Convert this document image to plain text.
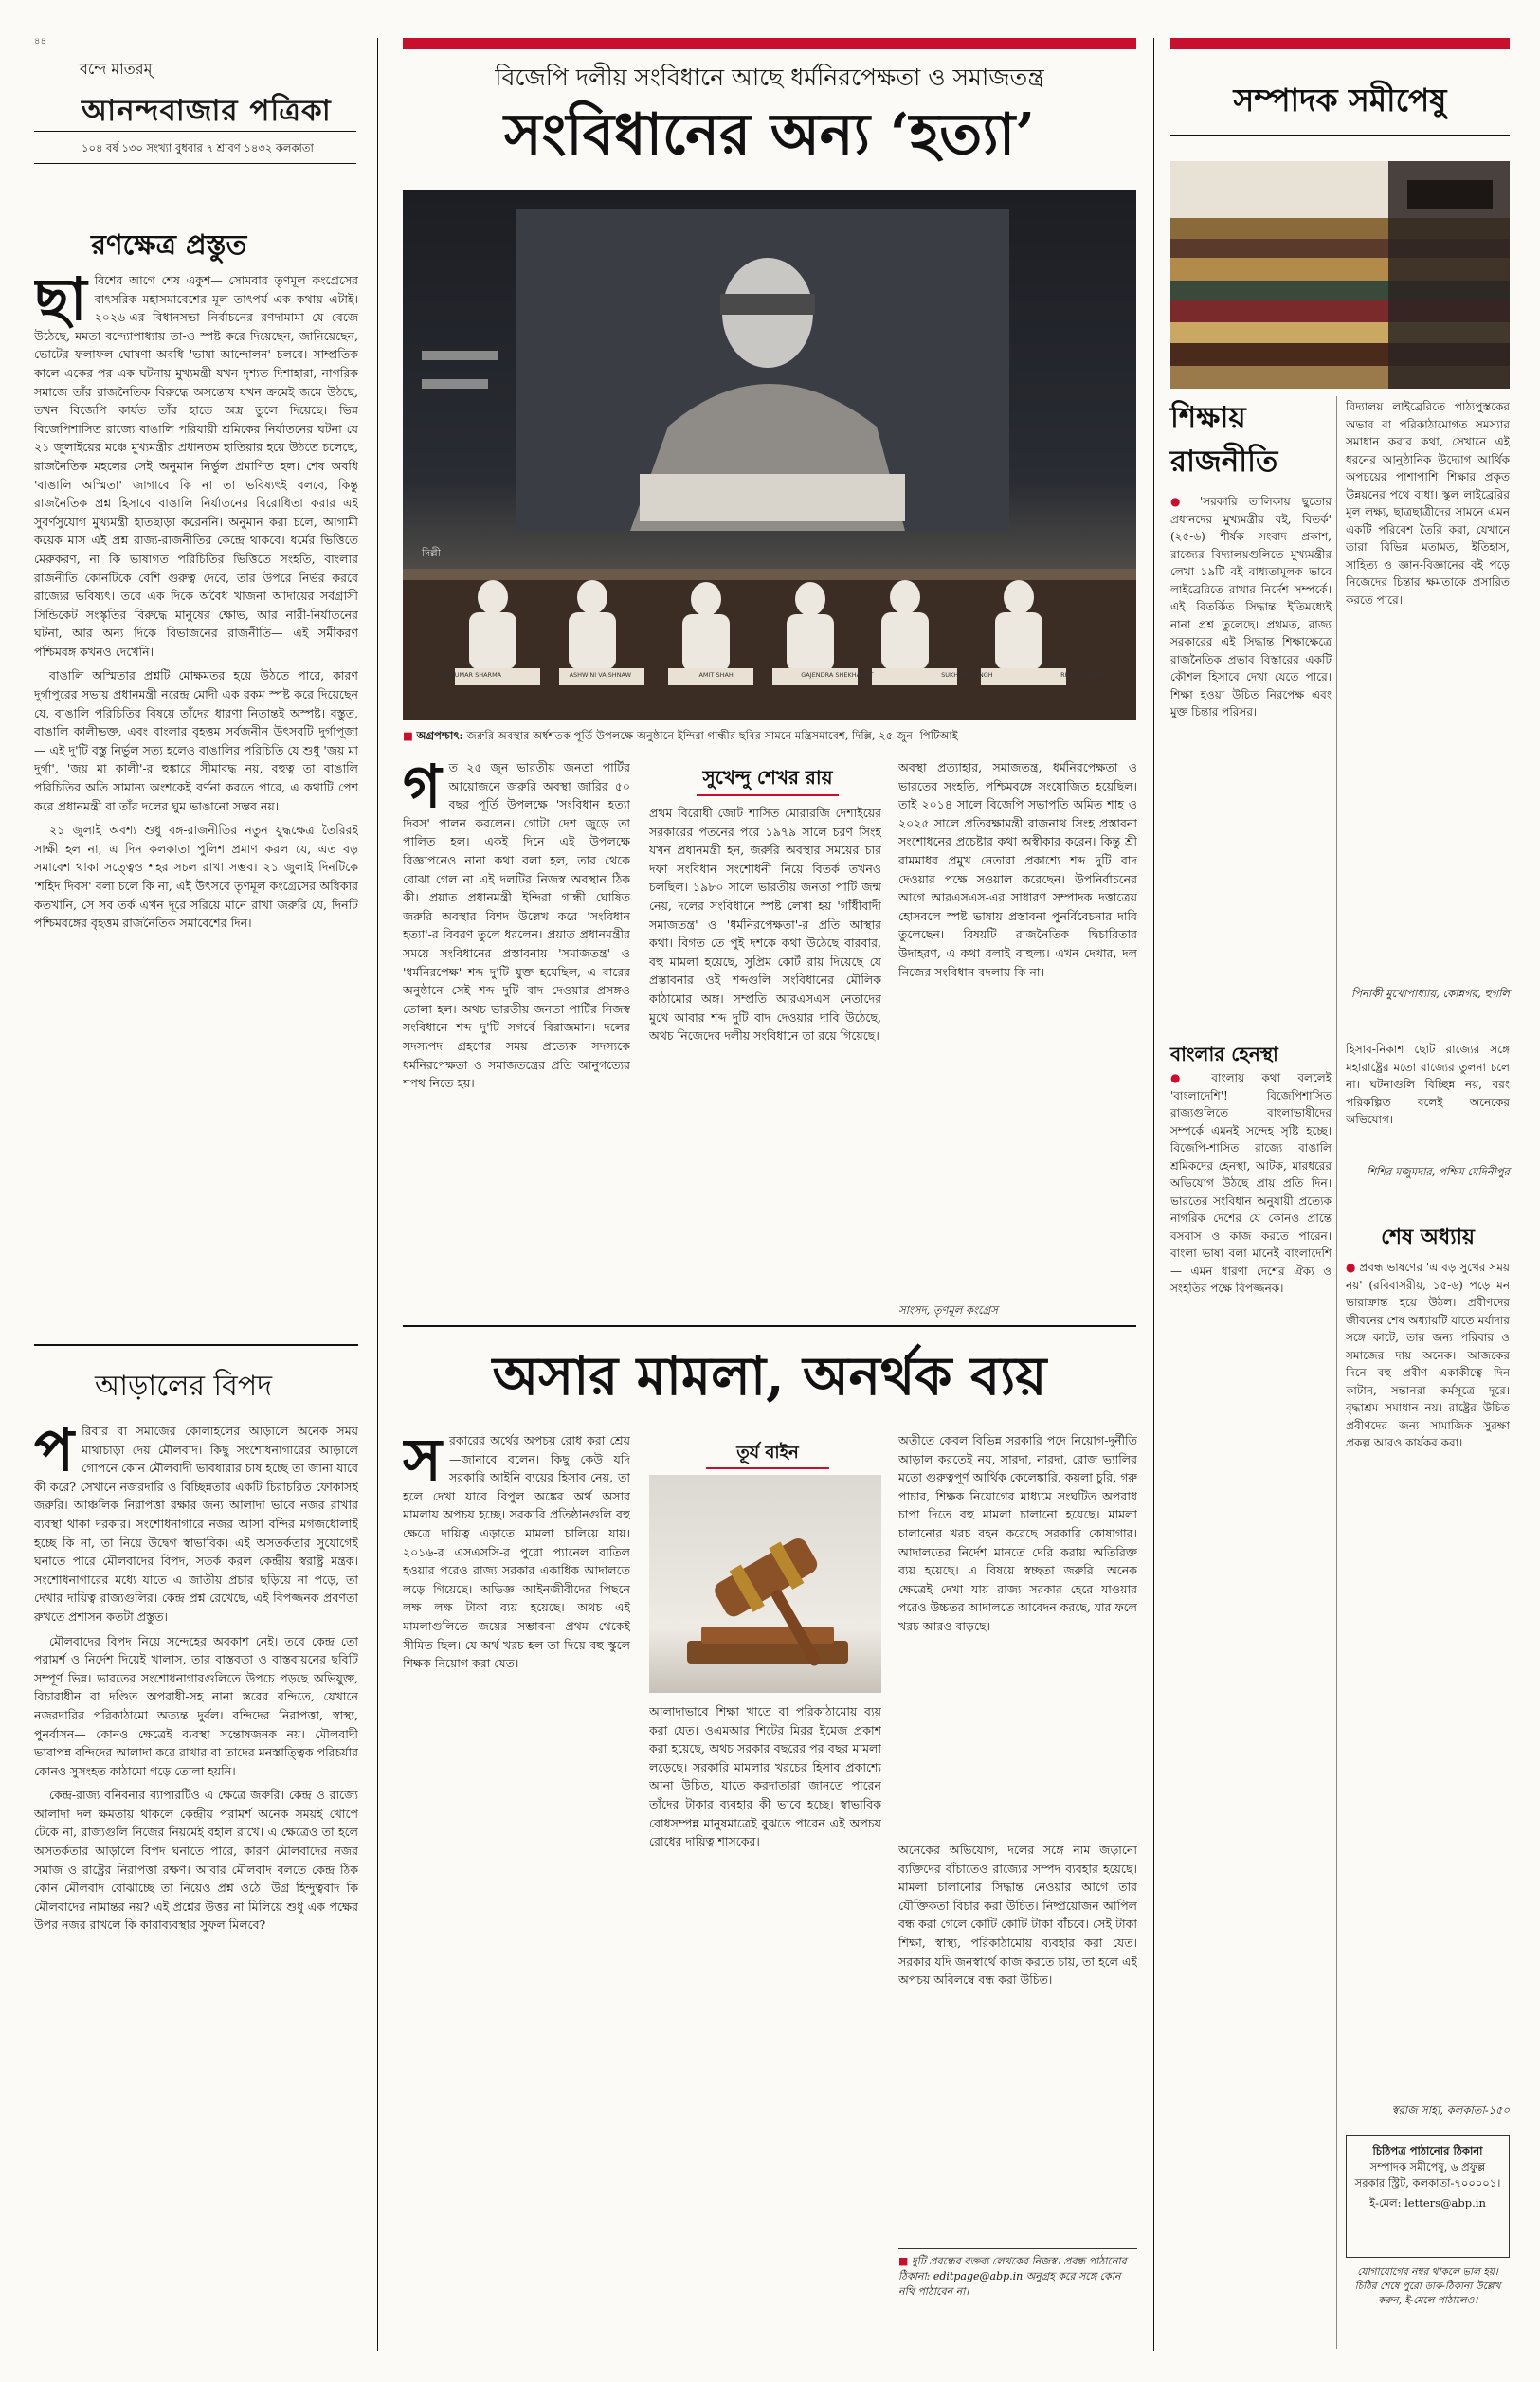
৪৪
বন্দে মাতরম্‌
আনন্দবাজার পত্রিকা
১০৪ বর্ষ ১৩০ সংখ্যা বুধবার ৭ শ্রাবণ ১৪৩২ কলকাতা
রণক্ষেত্র প্রস্তুত
ছা বিশের আগে শেষ একুশ— সোমবার তৃণমূল কংগ্রেসের বাৎসরিক মহাসমাবেশের মূল তাৎপর্য এক কথায় এটাই। ২০২৬-এর বিধানসভা নির্বাচনের রণদামামা যে বেজে উঠেছে, মমতা বন্দ্যোপাধ্যায় তা-ও স্পষ্ট করে দিয়েছেন, জানিয়েছেন, ভোটের ফলাফল ঘোষণা অবধি 'ভাষা আন্দোলন' চলবে। সাম্প্রতিক কালে একের পর এক ঘটনায় মুখ্যমন্ত্রী যখন দৃশ্যত দিশাহারা, নাগরিক সমাজে তাঁর রাজনৈতিক বিরুদ্ধে অসন্তোষ যখন ক্রমেই জমে উঠছে, তখন বিজেপি কার্যত তাঁর হাতে অস্ত্র তুলে দিয়েছে। ভিন্ন বিজেপিশাসিত রাজ্যে বাঙালি পরিযায়ী শ্রমিকের নির্যাতনের ঘটনা যে ২১ জুলাইয়ের মঞ্চে মুখ্যমন্ত্রীর প্রধানতম হাতিয়ার হয়ে উঠতে চলেছে, রাজনৈতিক মহলের সেই অনুমান নির্ভুল প্রমাণিত হল। শেষ অবধি 'বাঙালি অস্মিতা' জাগাবে কি না তা ভবিষ্যৎই বলবে, কিন্তু রাজনৈতিক প্রশ্ন হিসাবে বাঙালি নির্যাতনের বিরোধিতা করার এই সুবর্ণসুযোগ মুখ্যমন্ত্রী হাতছাড়া করেননি। অনুমান করা চলে, আগামী কয়েক মাস এই প্রশ্ন রাজ্য-রাজনীতির কেন্দ্রে থাকবে। ধর্মের ভিত্তিতে মেরুকরণ, না কি ভাষাগত পরিচিতির ভিত্তিতে সংহতি, বাংলার রাজনীতি কোনটিকে বেশি গুরুত্ব দেবে, তার উপরে নির্ভর করবে রাজ্যের ভবিষ্যৎ। তবে এক দিকে অবৈধ খাজনা আদায়ের সর্বগ্রাসী সিন্ডিকেট সংস্কৃতির বিরুদ্ধে মানুষের ক্ষোভ, আর নারী-নির্যাতনের ঘটনা, আর অন্য দিকে বিভাজনের রাজনীতি— এই সমীকরণ পশ্চিমবঙ্গ কখনও দেখেনি।

বাঙালি অস্মিতার প্রশ্নটি মোক্ষমতর হয়ে উঠতে পারে, কারণ দুর্গাপুরের সভায় প্রধানমন্ত্রী নরেন্দ্র মোদী এক রকম স্পষ্ট করে দিয়েছেন যে, বাঙালি পরিচিতির বিষয়ে তাঁদের ধারণা নিতান্তই অস্পষ্ট। বস্তুত, বাঙালি কালীভক্ত, এবং বাংলার বৃহত্তম সর্বজনীন উৎসবটি দুর্গাপূজা— এই দু'টি বস্তু নির্ভুল সত্য হলেও বাঙালির পরিচিতি যে শুধু 'জয় মা দুর্গা', 'জয় মা কালী'-র হুঙ্কারে সীমাবদ্ধ নয়, বহুত্ব তা বাঙালি পরিচিতির অতি সামান্য অংশকেই বর্ণনা করতে পারে, এ কথাটি পেশ করে প্রধানমন্ত্রী বা তাঁর দলের ঘুম ভাঙানো সম্ভব নয়।

২১ জুলাই অবশ্য শুধু বঙ্গ-রাজনীতির নতুন যুদ্ধক্ষেত্র তৈরিরই সাক্ষী হল না, এ দিন কলকাতা পুলিশ প্রমাণ করল যে, এত বড় সমাবেশ থাকা সত্ত্বেও শহর সচল রাখা সম্ভব। ২১ জুলাই দিনটিকে 'শহিদ দিবস' বলা চলে কি না, এই উৎসবে তৃণমূল কংগ্রেসের অধিকার কতখানি, সে সব তর্ক এখন দূরে সরিয়ে মানে রাখা জরুরি যে, দিনটি পশ্চিমবঙ্গের বৃহত্তম রাজনৈতিক সমাবেশের দিন।

আড়ালের বিপদ
প রিবার বা সমাজের কোলাহলের আড়ালে অনেক সময় মাথাচাড়া দেয় মৌলবাদ। কিছু সংশোধনাগারের আড়ালে গোপনে কোন মৌলবাদী ভাবধারার চাষ হচ্ছে তা জানা যাবে কী করে? সেখানে নজরদারি ও বিচ্ছিন্নতার একটি চিরাচরিত ফোকাসই জরুরি। আঞ্চলিক নিরাপত্তা রক্ষার জন্য আলাদা ভাবে নজর রাখার ব্যবস্থা থাকা দরকার। সংশোধনাগারে নজর আসা বন্দির মগজধোলাই হচ্ছে কি না, তা নিয়ে উদ্বেগ স্বাভাবিক। এই অসতর্কতার সুযোগেই ঘনাতে পারে মৌলবাদের বিপদ, সতর্ক করল কেন্দ্রীয় স্বরাষ্ট্র মন্ত্রক। সংশোধনাগারের মধ্যে যাতে এ জাতীয় প্রচার ছড়িয়ে না পড়ে, তা দেখার দায়িত্ব রাজ্যগুলির। কেন্দ্র প্রশ্ন রেখেছে, এই বিপজ্জনক প্রবণতা রুখতে প্রশাসন কতটা প্রস্তুত।

মৌলবাদের বিপদ নিয়ে সন্দেহের অবকাশ নেই। তবে কেন্দ্র তো পরামর্শ ও নির্দেশ দিয়েই খালাস, তার বাস্তবতা ও বাস্তবায়নের ছবিটি সম্পূর্ণ ভিন্ন। ভারতের সংশোধনাগারগুলিতে উপচে পড়ছে অভিযুক্ত, বিচারাধীন বা দণ্ডিত অপরাধী-সহ নানা স্তরের বন্দিতে, যেখানে নজরদারির পরিকাঠামো অত্যন্ত দুর্বল। বন্দিদের নিরাপত্তা, স্বাস্থ্য, পুনর্বাসন— কোনও ক্ষেত্রেই ব্যবস্থা সন্তোষজনক নয়। মৌলবাদী ভাবাপন্ন বন্দিদের আলাদা করে রাখার বা তাদের মনস্তাত্ত্বিক পরিচর্যার কোনও সুসংহত কাঠামো গড়ে তোলা হয়নি।

কেন্দ্র-রাজ্য বনিবনার ব্যাপারটিও এ ক্ষেত্রে জরুরি। কেন্দ্র ও রাজ্যে আলাদা দল ক্ষমতায় থাকলে কেন্দ্রীয় পরামর্শ অনেক সময়ই খোপে টেকে না, রাজ্যগুলি নিজের নিয়মেই বহাল রাখে। এ ক্ষেত্রেও তা হলে অসতর্কতার আড়ালে বিপদ ঘনাতে পারে, কারণ মৌলবাদের নজর সমাজ ও রাষ্ট্রের নিরাপত্তা রক্ষণ। আবার মৌলবাদ বলতে কেন্দ্র ঠিক কোন মৌলবাদ বোঝাচ্ছে তা নিয়েও প্রশ্ন ওঠে। উগ্র হিন্দুত্ববাদ কি মৌলবাদের নামান্তর নয়? এই প্রশ্নের উত্তর না মিলিয়ে শুধু এক পক্ষের উপর নজর রাখলে কি কারাব্যবস্থার সুফল মিলবে?

বিজেপি দলীয় সংবিধানে আছে ধর্মনিরপেক্ষতা ও সমাজতন্ত্র
সংবিধানের অন্য ‘হত্যা’
দিল্লী
RAJKUMAR SHARMA	ASHWINI VAISHNAW	AMIT SHAH	GAJENDRA SHEKHAWAT	SUKHDEV SINGH	REKHA GUPTA
■ অগ্রপশ্চাৎ: জরুরি অবস্থার অর্ধশতক পূর্তি উপলক্ষে অনুষ্ঠানে ইন্দিরা গান্ধীর ছবির সামনে মন্ত্রিসমাবেশ, দিল্লি, ২৫ জুন। পিটিআই
গ ত ২৫ জুন ভারতীয় জনতা পার্টির আয়োজনে জরুরি অবস্থা জারির ৫০ বছর পূর্তি উপলক্ষে 'সংবিধান হত্যা দিবস' পালন করলেন। গোটা দেশ জুড়ে তা পালিত হল। একই দিনে এই উপলক্ষে বিজ্ঞাপনেও নানা কথা বলা হল, তার থেকে বোঝা গেল না এই দলটির নিজস্ব অবস্থান ঠিক কী। প্রয়াত প্রধানমন্ত্রী ইন্দিরা গান্ধী ঘোষিত জরুরি অবস্থার বিশদ উল্লেখ করে 'সংবিধান হত্যা'-র বিবরণ তুলে ধরলেন। প্রয়াত প্রধানমন্ত্রীর সময়ে সংবিধানের প্রস্তাবনায় 'সমাজতন্ত্র' ও 'ধর্মনিরপেক্ষ' শব্দ দু'টি যুক্ত হয়েছিল, এ বারের অনুষ্ঠানে সেই শব্দ দুটি বাদ দেওয়ার প্রসঙ্গও তোলা হল। অথচ ভারতীয় জনতা পার্টির নিজস্ব সংবিধানে শব্দ দু'টি সগর্বে বিরাজমান। দলের সদস্যপদ গ্রহণের সময় প্রত্যেক সদস্যকে ধর্মনিরপেক্ষতা ও সমাজতন্ত্রের প্রতি আনুগত্যের শপথ নিতে হয়।
সুখেন্দু শেখর রায়
প্রথম বিরোধী জোট শাসিত মোরারজি দেশাইয়ের সরকারের পতনের পরে ১৯৭৯ সালে চরণ সিংহ যখন প্রধানমন্ত্রী হন, জরুরি অবস্থার সময়ের চার দফা সংবিধান সংশোধনী নিয়ে বিতর্ক তখনও চলছিল। ১৯৮০ সালে ভারতীয় জনতা পার্টি জন্ম নেয়, দলের সংবিধানে স্পষ্ট লেখা হয় 'গাঁধীবাদী সমাজতন্ত্র' ও 'ধর্মনিরপেক্ষতা'-র প্রতি আস্থার কথা। বিগত তে পুই দশকে কথা উঠেছে বারবার, বহু মামলা হয়েছে, সুপ্রিম কোর্ট রায় দিয়েছে যে প্রস্তাবনার ওই শব্দগুলি সংবিধানের মৌলিক কাঠামোর অঙ্গ। সম্প্রতি আরএসএস নেতাদের মুখে আবার শব্দ দুটি বাদ দেওয়ার দাবি উঠেছে, অথচ নিজেদের দলীয় সংবিধানে তা রয়ে গিয়েছে।
অবস্থা প্রত্যাহার, সমাজতন্ত্র, ধর্মনিরপেক্ষতা ও ভারতের সংহতি, পশ্চিমবঙ্গে সংযোজিত হয়েছিল। তাই ২০১৪ সালে বিজেপি সভাপতি অমিত শাহ ও ২০২৫ সালে প্রতিরক্ষামন্ত্রী রাজনাথ সিংহ প্রস্তাবনা সংশোধনের প্রচেষ্টার কথা অস্বীকার করেন। কিন্তু শ্রী রামমাধব প্রমুখ নেতারা প্রকাশ্যে শব্দ দুটি বাদ দেওয়ার পক্ষে সওয়াল করেছেন। উপনির্বাচনের আগে আরএসএস-এর সাধারণ সম্পাদক দত্তাত্রেয় হোসবলে স্পষ্ট ভাষায় প্রস্তাবনা পুনর্বিবেচনার দাবি তুলেছেন। বিষয়টি রাজনৈতিক দ্বিচারিতার উদাহরণ, এ কথা বলাই বাহুল্য। এখন দেখার, দল নিজের সংবিধান বদলায় কি না।
সাংসদ, তৃণমূল কংগ্রেস
অসার মামলা, অনর্থক ব্যয়
স রকারের অর্থের অপচয় রোধ করা শ্রেয়—জানাবে বলেন। কিছু কেউ যদি সরকারি আইনি ব্যয়ের হিসাব নেয়, তা হলে দেখা যাবে বিপুল অঙ্কের অর্থ অসার মামলায় অপচয় হচ্ছে। সরকারি প্রতিষ্ঠানগুলি বহু ক্ষেত্রে দায়িত্ব এড়াতে মামলা চালিয়ে যায়। ২০১৬-র এসএসসি-র পুরো প্যানেল বাতিল হওয়ার পরেও রাজ্য সরকার একাধিক আদালতে লড়ে গিয়েছে। অভিজ্ঞ আইনজীবীদের পিছনে লক্ষ লক্ষ টাকা ব্যয় হয়েছে। অথচ এই মামলাগুলিতে জয়ের সম্ভাবনা প্রথম থেকেই সীমিত ছিল। যে অর্থ খরচ হল তা দিয়ে বহু স্কুলে শিক্ষক নিয়োগ করা যেত।
তূর্য বাইন
আলাদাভাবে শিক্ষা খাতে বা পরিকাঠামোয় ব্যয় করা যেত। ওএমআর শিটের মিরর ইমেজ প্রকাশ করা হয়েছে, অথচ সরকার বছরের পর বছর মামলা লড়েছে। সরকারি মামলার খরচের হিসাব প্রকাশ্যে আনা উচিত, যাতে করদাতারা জানতে পারেন তাঁদের টাকার ব্যবহার কী ভাবে হচ্ছে। স্বাভাবিক বোধসম্পন্ন মানুষমাত্রেই বুঝতে পারেন এই অপচয় রোধের দায়িত্ব শাসকের।
অতীতে কেবল বিভিন্ন সরকারি পদে নিয়োগ-দুর্নীতি আড়াল করতেই নয়, সারদা, নারদা, রোজ ভ্যালির মতো গুরুত্বপূর্ণ আর্থিক কেলেঙ্কারি, কয়লা চুরি, গরু পাচার, শিক্ষক নিয়োগের মাধ্যমে সংঘটিত অপরাধ চাপা দিতে বহু মামলা চালানো হয়েছে। মামলা চালানোর খরচ বহন করেছে সরকারি কোষাগার। আদালতের নির্দেশ মানতে দেরি করায় অতিরিক্ত ব্যয় হয়েছে। এ বিষয়ে স্বচ্ছতা জরুরি। অনেক ক্ষেত্রেই দেখা যায় রাজ্য সরকার হেরে যাওয়ার পরেও উচ্চতর আদালতে আবেদন করছে, যার ফলে খরচ আরও বাড়ছে।
অনেকের অভিযোগ, দলের সঙ্গে নাম জড়ানো ব্যক্তিদের বাঁচাতেও রাজ্যের সম্পদ ব্যবহার হয়েছে। মামলা চালানোর সিদ্ধান্ত নেওয়ার আগে তার যৌক্তিকতা বিচার করা উচিত। নিষ্প্রয়োজন আপিল বন্ধ করা গেলে কোটি কোটি টাকা বাঁচবে। সেই টাকা শিক্ষা, স্বাস্থ্য, পরিকাঠামোয় ব্যবহার করা যেত। সরকার যদি জনস্বার্থে কাজ করতে চায়, তা হলে এই অপচয় অবিলম্বে বন্ধ করা উচিত।
■ দুটি প্রবন্ধের বক্তব্য লেখকের নিজস্ব। প্রবন্ধ পাঠানোর ঠিকানা: editpage@abp.in অনুগ্রহ করে সঙ্গে কোন নথি পাঠাবেন না।
সম্পাদক সমীপেষু
শিক্ষায় রাজনীতি
● 'সরকারি তালিকায় ছুতোর প্রধানদের মুখ্যমন্ত্রীর বই, বিতর্ক' (২৫-৬) শীর্ষক সংবাদ প্রকাশ, রাজ্যের বিদ্যালয়গুলিতে মুখ্যমন্ত্রীর লেখা ১৯টি বই বাধ্যতামূলক ভাবে লাইব্রেরিতে রাখার নির্দেশ সম্পর্কে। এই বিতর্কিত সিদ্ধান্ত ইতিমধ্যেই নানা প্রশ্ন তুলেছে। প্রথমত, রাজ্য সরকারের এই সিদ্ধান্ত শিক্ষাক্ষেত্রে রাজনৈতিক প্রভাব বিস্তারের একটি কৌশল হিসাবে দেখা যেতে পারে। শিক্ষা হওয়া উচিত নিরপেক্ষ এবং মুক্ত চিন্তার পরিসর।
বিদ্যালয় লাইব্রেরিতে পাঠ্যপুস্তকের অভাব বা পরিকাঠামোগত সমস্যার সমাধান করার কথা, সেখানে এই ধরনের আনুষ্ঠানিক উদ্যোগ আর্থিক অপচয়ের পাশাপাশি শিক্ষার প্রকৃত উন্নয়নের পথে বাধা। স্কুল লাইব্রেরির মূল লক্ষ্য, ছাত্রছাত্রীদের সামনে এমন একটি পরিবেশ তৈরি করা, যেখানে তারা বিভিন্ন মতামত, ইতিহাস, সাহিত্য ও জ্ঞান-বিজ্ঞানের বই পড়ে নিজেদের চিন্তার ক্ষমতাকে প্রসারিত করতে পারে।
পিনাকী মুখোপাধ্যায়, কোন্নগর, হুগলি
বাংলার হেনস্থা
● বাংলায় কথা বললেই 'বাংলাদেশি'! বিজেপিশাসিত রাজ্যগুলিতে বাংলাভাষীদের সম্পর্কে এমনই সন্দেহ সৃষ্টি হচ্ছে। বিজেপি-শাসিত রাজ্যে বাঙালি শ্রমিকদের হেনস্থা, আটক, মারধরের অভিযোগ উঠছে প্রায় প্রতি দিন। ভারতের সংবিধান অনুযায়ী প্রত্যেক নাগরিক দেশের যে কোনও প্রান্তে বসবাস ও কাজ করতে পারেন। বাংলা ভাষা বলা মানেই বাংলাদেশি— এমন ধারণা দেশের ঐক্য ও সংহতির পক্ষে বিপজ্জনক।
হিসাব-নিকাশ ছোট রাজ্যের সঙ্গে মহারাষ্ট্রের মতো রাজ্যের তুলনা চলে না। ঘটনাগুলি বিচ্ছিন্ন নয়, বরং পরিকল্পিত বলেই অনেকের অভিযোগ।
শিশির মজুমদার, পশ্চিম মেদিনীপুর
শেষ অধ্যায়
● প্রবন্ধ ভাষণের 'এ বড় সুখের সময় নয়' (রবিবাসরীয়, ১৫-৬) পড়ে মন ভারাক্রান্ত হয়ে উঠল। প্রবীণদের জীবনের শেষ অধ্যায়টি যাতে মর্যাদার সঙ্গে কাটে, তার জন্য পরিবার ও সমাজের দায় অনেক। আজকের দিনে বহু প্রবীণ একাকীত্বে দিন কাটান, সন্তানরা কর্মসূত্রে দূরে। বৃদ্ধাশ্রম সমাধান নয়। রাষ্ট্রের উচিত প্রবীণদের জন্য সামাজিক সুরক্ষা প্রকল্প আরও কার্যকর করা।
স্বরাজ সাহা, কলকাতা-১৫০
চিঠিপত্র পাঠানোর ঠিকানা
সম্পাদক সমীপেষু, ৬ প্রফুল্ল সরকার স্ট্রিট, কলকাতা-৭০০০০১।
ই-মেল: letters@abp.in
যোগাযোগের নম্বর থাকলে ভাল হয়। চিঠির শেষে পুরো ডাক-ঠিকানা উল্লেখ করুন, ই-মেলে পাঠালেও।
